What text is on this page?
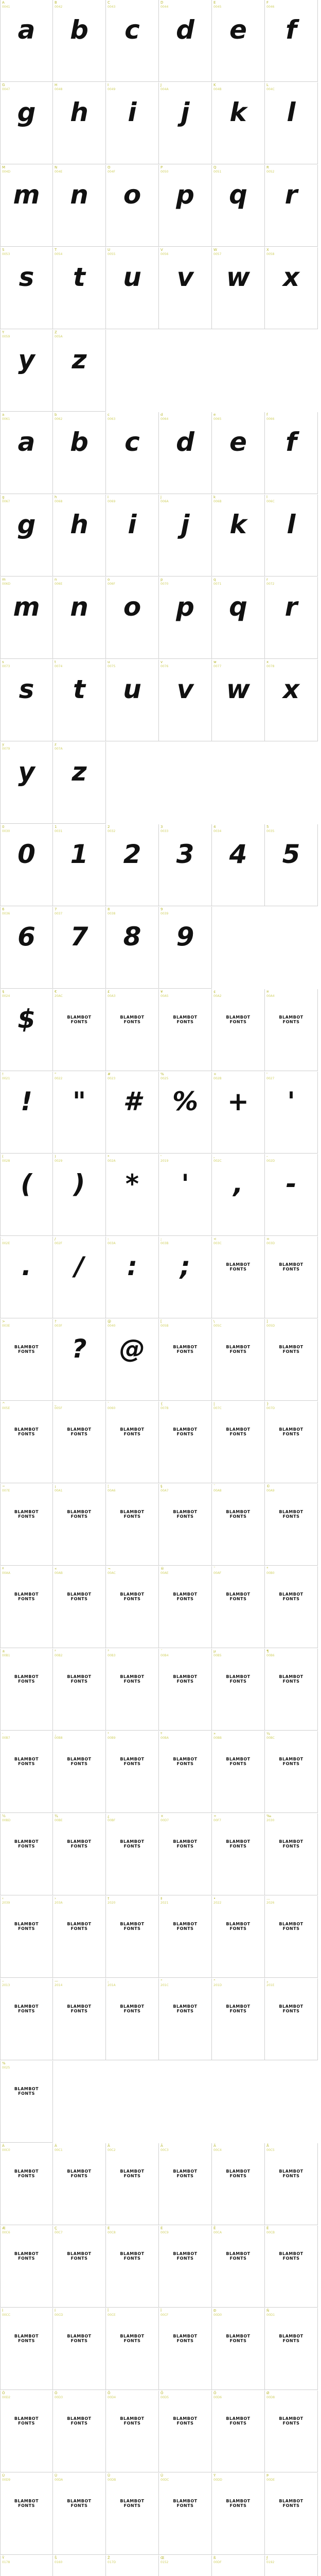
A
0041
a
B
0042
b
C
0043
c
D
0044
d
E
0045
e
F
0046
f
G
0047
g
H
0048
h
I
0049
i
J
004A
j
K
004B
k
L
004C
l
M
004D
m
N
004E
n
O
004F
o
P
0050
p
Q
0051
q
R
0052
r
S
0053
s
T
0054
t
U
0055
u
V
0056
v
W
0057
w
X
0058
x
Y
0059
y
Z
005A
z
a
0061
a
b
0062
b
c
0063
c
d
0064
d
e
0065
e
f
0066
f
g
0067
g
h
0068
h
i
0069
i
j
006A
j
k
006B
k
l
006C
l
m
006D
m
n
006E
n
o
006F
o
p
0070
p
q
0071
q
r
0072
r
s
0073
s
t
0074
t
u
0075
u
v
0076
v
w
0077
w
x
0078
x
y
0079
y
z
007A
z
0
0030
0
1
0031
1
2
0032
2
3
0033
3
4
0034
4
5
0035
5
6
0036
6
7
0037
7
8
0038
8
9
0039
9
$
0024
$
€
20AC
BLAMBOT
FONTS
£
00A3
BLAMBOT
FONTS
¥
00A5
BLAMBOT
FONTS
¢
00A2
BLAMBOT
FONTS
¤
00A4
BLAMBOT
FONTS
!
0021
!
"
0022
"
#
0023
#
%
0025
%
+
002B
+
'
0027
'
(
0028
(
)
0029
)
*
002A
*
'
2019
'
,
002C
,
-
002D
-
.
002E
.
/
002F
/
:
003A
:
;
003B
;
<
003C
BLAMBOT
FONTS
=
003D
BLAMBOT
FONTS
>
003E
BLAMBOT
FONTS
?
003F
?
@
0040
@
[
005B
BLAMBOT
FONTS
\
005C
BLAMBOT
FONTS
]
005D
BLAMBOT
FONTS
^
005E
BLAMBOT
FONTS
_
005F
BLAMBOT
FONTS
`
0060
BLAMBOT
FONTS
{
007B
BLAMBOT
FONTS
|
007C
BLAMBOT
FONTS
}
007D
BLAMBOT
FONTS
~
007E
BLAMBOT
FONTS
¡
00A1
BLAMBOT
FONTS
¦
00A6
BLAMBOT
FONTS
§
00A7
BLAMBOT
FONTS
¨
00A8
BLAMBOT
FONTS
©
00A9
BLAMBOT
FONTS
ª
00AA
BLAMBOT
FONTS
«
00AB
BLAMBOT
FONTS
¬
00AC
BLAMBOT
FONTS
®
00AE
BLAMBOT
FONTS
¯
00AF
BLAMBOT
FONTS
°
00B0
BLAMBOT
FONTS
±
00B1
BLAMBOT
FONTS
²
00B2
BLAMBOT
FONTS
³
00B3
BLAMBOT
FONTS
´
00B4
BLAMBOT
FONTS
µ
00B5
BLAMBOT
FONTS
¶
00B6
BLAMBOT
FONTS
·
00B7
BLAMBOT
FONTS
¸
00B8
BLAMBOT
FONTS
¹
00B9
BLAMBOT
FONTS
º
00BA
BLAMBOT
FONTS
»
00BB
BLAMBOT
FONTS
¼
00BC
BLAMBOT
FONTS
½
00BD
BLAMBOT
FONTS
¾
00BE
BLAMBOT
FONTS
¿
00BF
BLAMBOT
FONTS
×
00D7
BLAMBOT
FONTS
÷
00F7
BLAMBOT
FONTS
‰
2030
BLAMBOT
FONTS
‹
2039
BLAMBOT
FONTS
›
203A
BLAMBOT
FONTS
†
2020
BLAMBOT
FONTS
‡
2021
BLAMBOT
FONTS
•
2022
BLAMBOT
FONTS
…
2026
BLAMBOT
FONTS
–
2013
BLAMBOT
FONTS
—
2014
BLAMBOT
FONTS
‚
201A
BLAMBOT
FONTS
“
201C
BLAMBOT
FONTS
”
201D
BLAMBOT
FONTS
„
201E
BLAMBOT
FONTS
%
0025
BLAMBOT
FONTS
À
00C0
BLAMBOT
FONTS
Á
00C1
BLAMBOT
FONTS
Â
00C2
BLAMBOT
FONTS
Ã
00C3
BLAMBOT
FONTS
Ä
00C4
BLAMBOT
FONTS
Å
00C5
BLAMBOT
FONTS
Æ
00C6
BLAMBOT
FONTS
Ç
00C7
BLAMBOT
FONTS
È
00C8
BLAMBOT
FONTS
É
00C9
BLAMBOT
FONTS
Ê
00CA
BLAMBOT
FONTS
Ë
00CB
BLAMBOT
FONTS
Ì
00CC
BLAMBOT
FONTS
Í
00CD
BLAMBOT
FONTS
Î
00CE
BLAMBOT
FONTS
Ï
00CF
BLAMBOT
FONTS
Ð
00D0
BLAMBOT
FONTS
Ñ
00D1
BLAMBOT
FONTS
Ò
00D2
BLAMBOT
FONTS
Ó
00D3
BLAMBOT
FONTS
Ô
00D4
BLAMBOT
FONTS
Õ
00D5
BLAMBOT
FONTS
Ö
00D6
BLAMBOT
FONTS
Ø
00D8
BLAMBOT
FONTS
Ù
00D9
BLAMBOT
FONTS
Ú
00DA
BLAMBOT
FONTS
Û
00DB
BLAMBOT
FONTS
Ü
00DC
BLAMBOT
FONTS
Ý
00DD
BLAMBOT
FONTS
Þ
00DE
BLAMBOT
FONTS
Ÿ
0178
Š
0160
Ž
017D
Œ
0152
ß
00DF
ƒ
0192
